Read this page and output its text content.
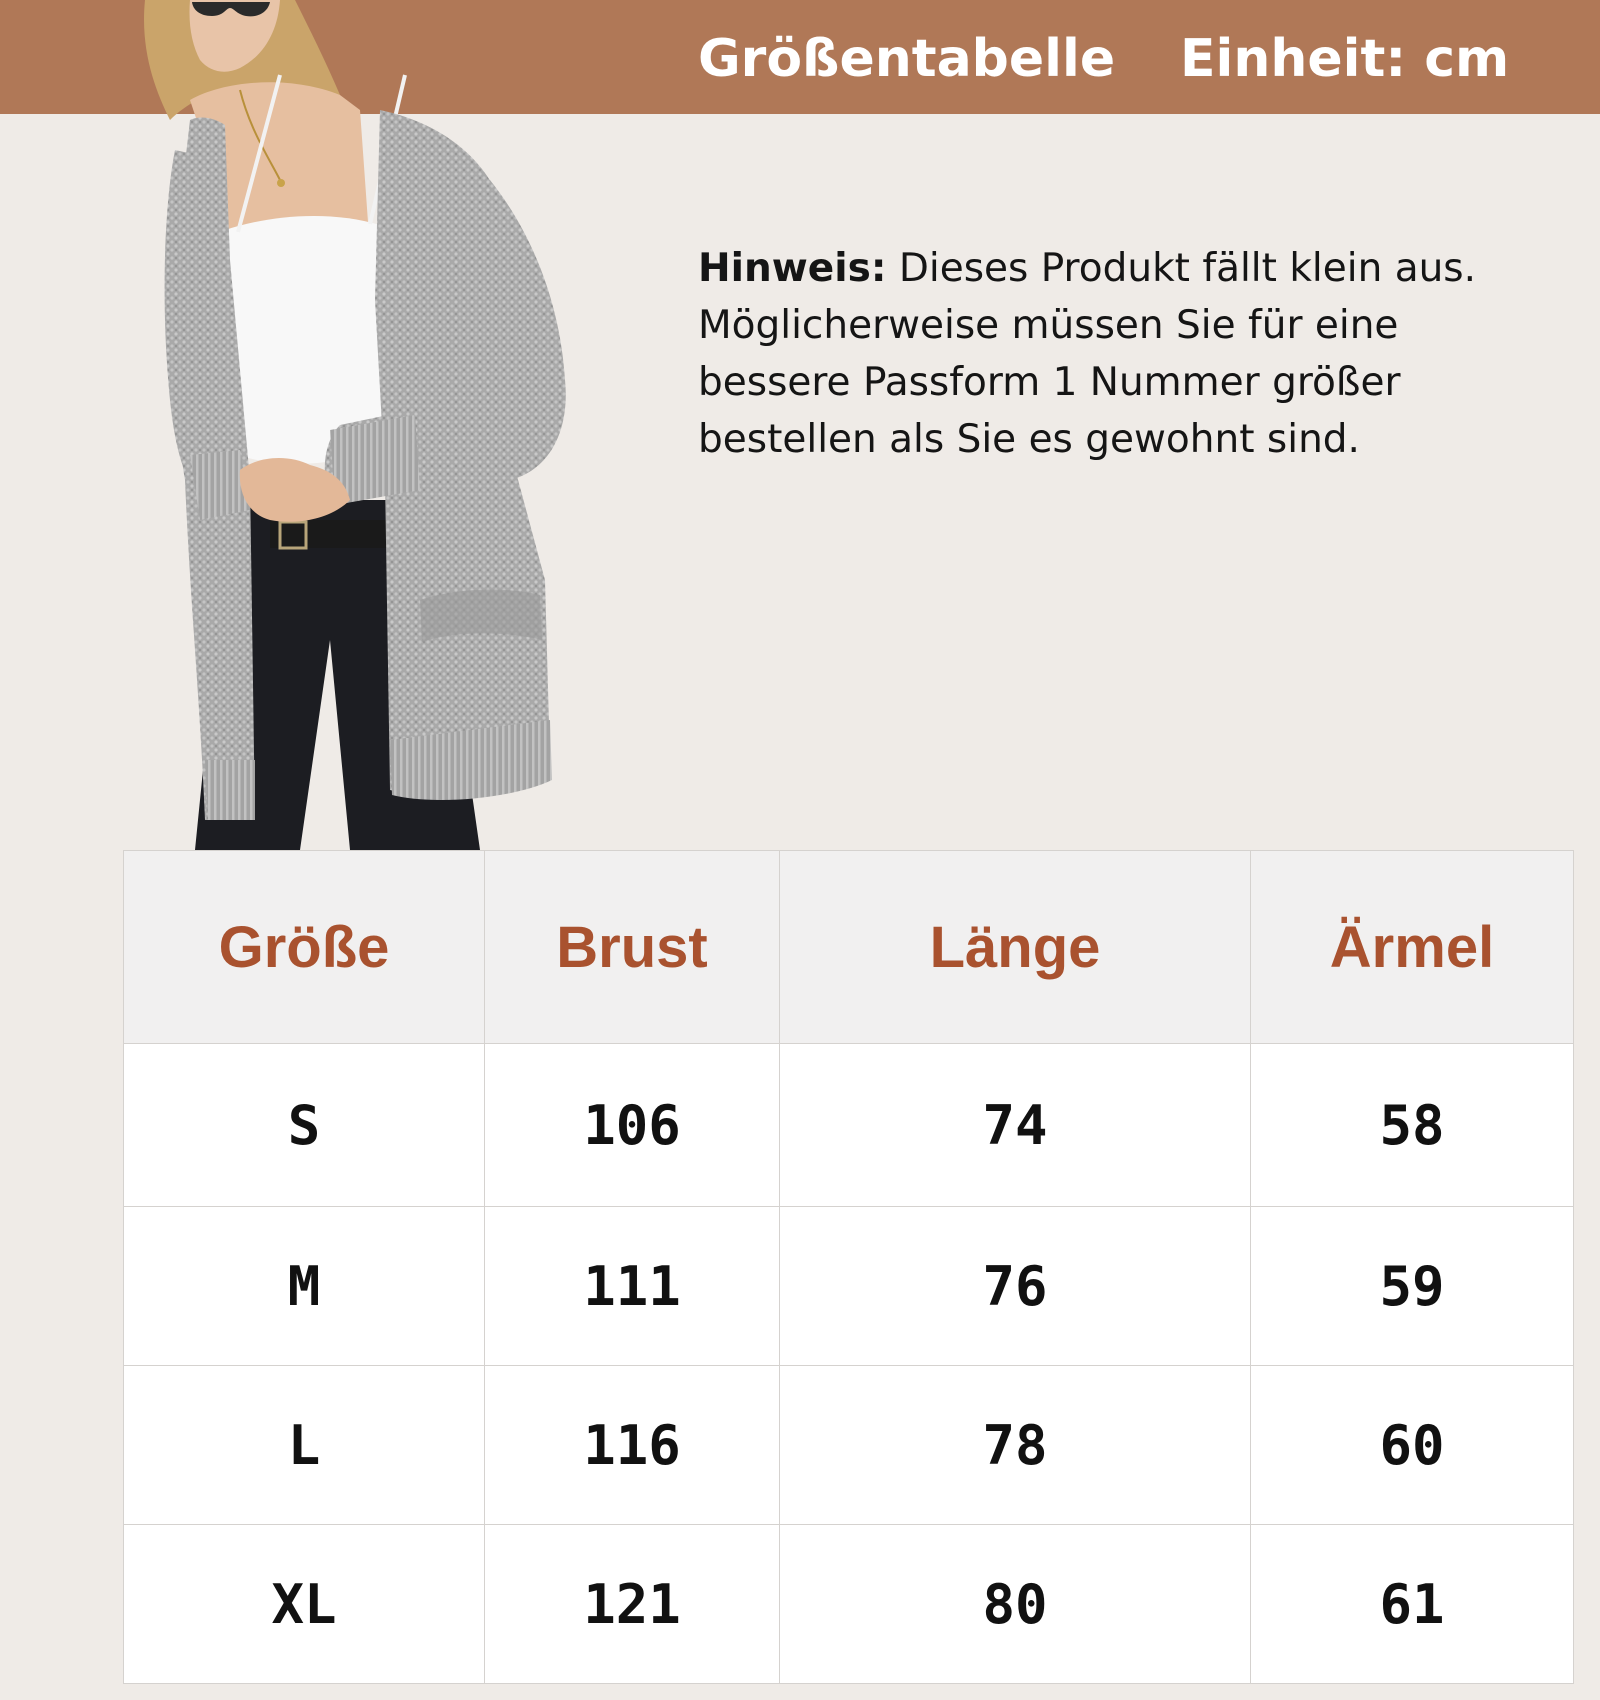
Größentabelle Einheit: cm
Hinweis: Dieses Produkt fällt klein aus. Möglicherweise müssen Sie für eine bessere Passform 1 Nummer größer bestellen als Sie es gewohnt sind.
Größe	Brust	Länge	Ärmel
S	106	74	58
M	111	76	59
L	116	78	60
XL	121	80	61
